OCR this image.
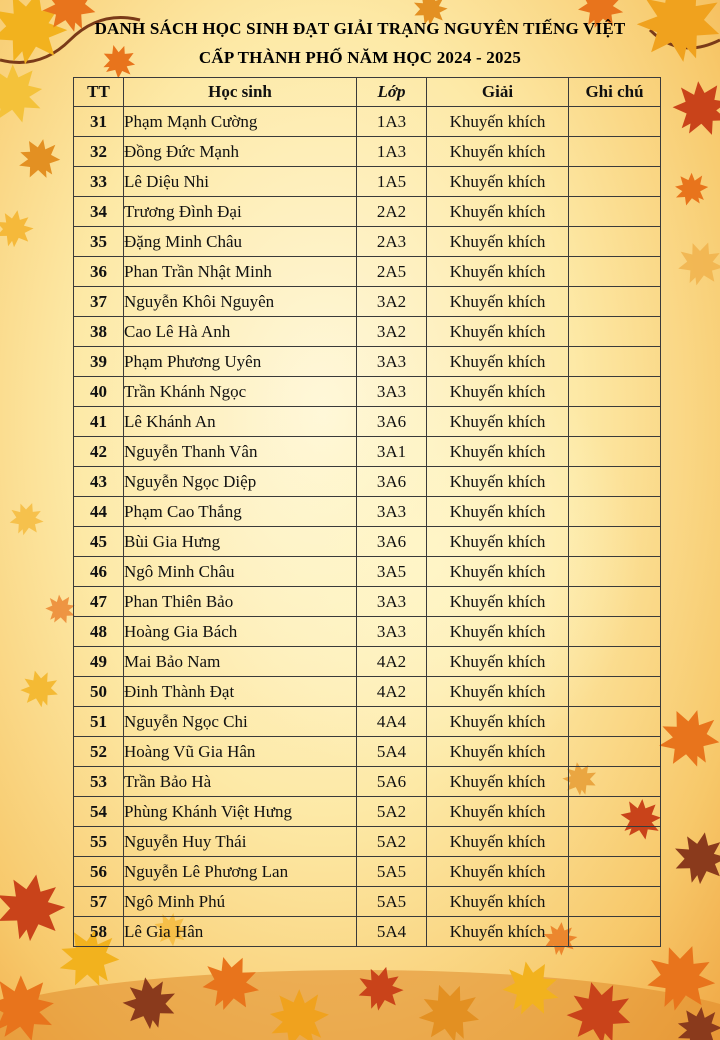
DANH SÁCH HỌC SINH ĐẠT GIẢI TRẠNG NGUYÊN TIẾNG VIỆT
CẤP THÀNH PHỐ NĂM HỌC 2024 - 2025
TT	Học sinh	Lớp	Giải	Ghi chú
31	Phạm Mạnh Cường	1A3	Khuyến khích	
32	Đồng Đức Mạnh	1A3	Khuyến khích	
33	Lê Diệu Nhi	1A5	Khuyến khích	
34	Trương Đình Đại	2A2	Khuyến khích	
35	Đặng Minh Châu	2A3	Khuyến khích	
36	Phan Trần Nhật Minh	2A5	Khuyến khích	
37	Nguyễn Khôi Nguyên	3A2	Khuyến khích	
38	Cao Lê Hà Anh	3A2	Khuyến khích	
39	Phạm Phương Uyên	3A3	Khuyến khích	
40	Trần Khánh Ngọc	3A3	Khuyến khích	
41	Lê Khánh An	3A6	Khuyến khích	
42	Nguyễn Thanh Vân	3A1	Khuyến khích	
43	Nguyễn Ngọc Diệp	3A6	Khuyến khích	
44	Phạm Cao Thắng	3A3	Khuyến khích	
45	Bùi Gia Hưng	3A6	Khuyến khích	
46	Ngô Minh Châu	3A5	Khuyến khích	
47	Phan Thiên Bảo	3A3	Khuyến khích	
48	Hoàng Gia Bách	3A3	Khuyến khích	
49	Mai Bảo Nam	4A2	Khuyến khích	
50	Đinh Thành Đạt	4A2	Khuyến khích	
51	Nguyễn Ngọc Chi	4A4	Khuyến khích	
52	Hoàng Vũ Gia Hân	5A4	Khuyến khích	
53	Trần Bảo Hà	5A6	Khuyến khích	
54	Phùng Khánh Việt Hưng	5A2	Khuyến khích	
55	Nguyễn Huy Thái	5A2	Khuyến khích	
56	Nguyễn Lê Phương Lan	5A5	Khuyến khích	
57	Ngô Minh Phú	5A5	Khuyến khích	
58	Lê Gia Hân	5A4	Khuyến khích	
